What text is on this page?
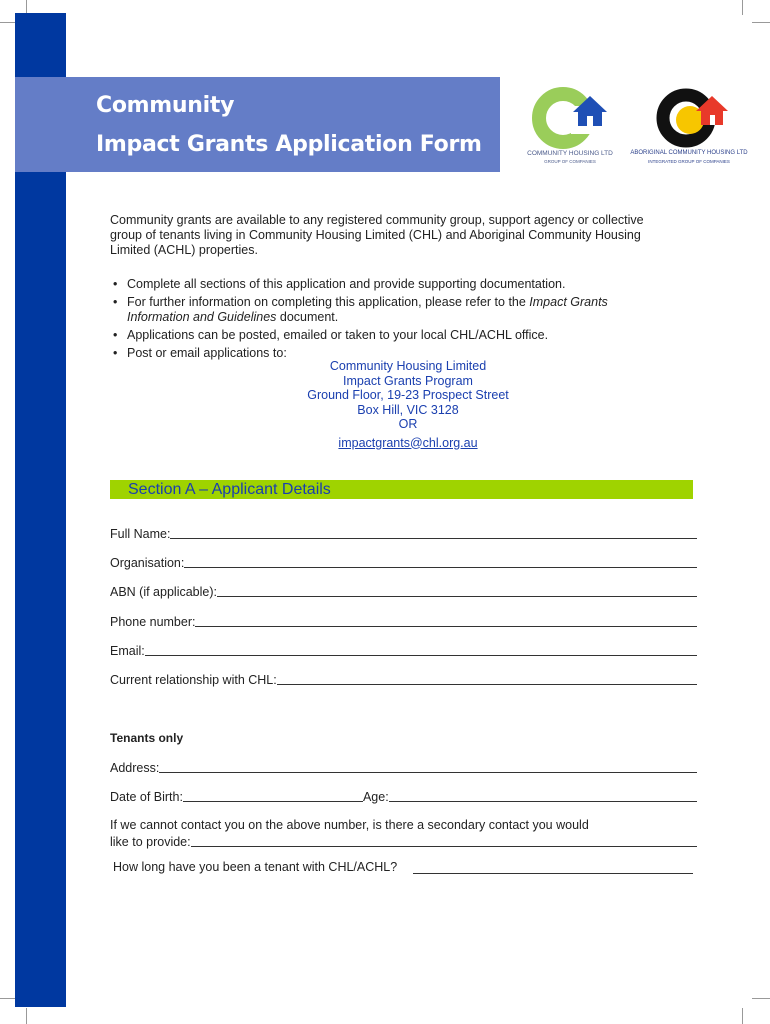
Community
Impact Grants Application Form	COMMUNITY HOUSING LTD
GROUP OF COMPANIES
ABORIGINAL COMMUNITY HOUSING LTD
INTEGRATED GROUP OF COMPANIES
Community grants are available to any registered community group, support agency or collective group of tenants living in Community Housing Limited (CHL) and Aboriginal Community Housing Limited (ACHL) properties.
• Complete all sections of this application and provide supporting documentation.
• For further information on completing this application, please refer to the Impact Grants Information and Guidelines document.
• Applications can be posted, emailed or taken to your local CHL/ACHL office.
• Post or email applications to:
Community Housing Limited
Impact Grants Program
Ground Floor, 19-23 Prospect Street
Box Hill, VIC 3128
OR
impactgrants@chl.org.au
Section A – Applicant Details
Full Name:
Organisation:
ABN (if applicable):
Phone number:
Email:
Current relationship with CHL:
Tenants only
Address:
Date of Birth:	Age:
If we cannot contact you on the above number, is there a secondary contact you would
like to provide:
How long have you been a tenant with CHL/ACHL?
